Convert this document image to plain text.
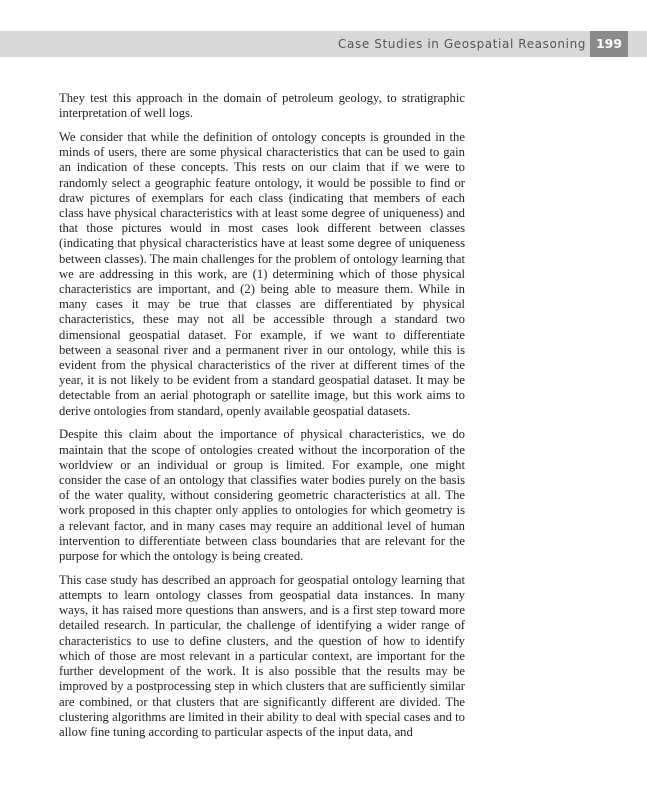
Case Studies in Geospatial Reasoning 199

They test this approach in the domain of petroleum geology, to stratigraphic interpretation of well logs.

We consider that while the definition of ontology concepts is grounded in the minds of users, there are some physical characteristics that can be used to gain an indication of these concepts. This rests on our claim that if we were to randomly select a geographic feature ontology, it would be possible to find or draw pictures of exemplars for each class (indicating that members of each class have physical characteristics with at least some degree of uniqueness) and that those pictures would in most cases look different between classes (indicating that physical characteristics have at least some degree of uniqueness between classes). The main challenges for the problem of ontology learning that we are addressing in this work, are (1) determining which of those physical characteristics are important, and (2) being able to measure them. While in many cases it may be true that classes are differentiated by physical characteristics, these may not all be accessible through a standard two dimensional geospatial dataset. For example, if we want to differentiate between a seasonal river and a permanent river in our ontology, while this is evident from the physical characteristics of the river at different times of the year, it is not likely to be evident from a standard geospatial dataset. It may be detectable from an aerial photograph or satellite image, but this work aims to derive ontologies from standard, openly available geospatial datasets.

Despite this claim about the importance of physical characteristics, we do maintain that the scope of ontologies created without the incorporation of the worldview or an individual or group is limited. For example, one might consider the case of an ontology that classifies water bodies purely on the basis of the water quality, without considering geometric characteristics at all. The work proposed in this chapter only applies to ontologies for which geometry is a relevant factor, and in many cases may require an additional level of human intervention to differentiate between class boundaries that are relevant for the purpose for which the ontology is being created.

This case study has described an approach for geospatial ontology learning that attempts to learn ontology classes from geospatial data instances. In many ways, it has raised more questions than answers, and is a first step toward more detailed research. In particular, the challenge of identifying a wider range of characteristics to use to define clusters, and the question of how to identify which of those are most relevant in a particular context, are important for the further development of the work. It is also possible that the results may be improved by a postprocessing step in which clusters that are sufficiently similar are combined, or that clusters that are significantly different are divided. The clustering algorithms are limited in their ability to deal with special cases and to allow fine tuning according to particular aspects of the input data, and
